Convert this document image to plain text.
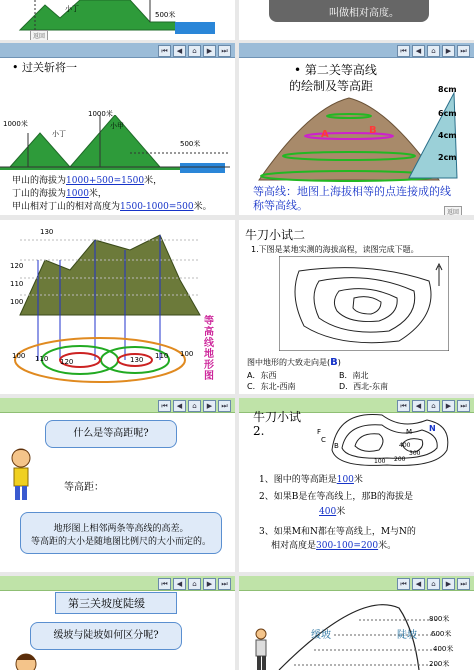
小丁
500米
返回
叫做相对高度。
⏮	◀	⌂	▶	⏭
• 过关斩将一
1000米
1000米
小甲
小丁
500米
甲山的海拔为1000+500=1500米，
丁山的海拔为1000米，
甲山相对丁山的相对高度为1500-1000=500米。
⏮	◀	⌂	▶	⏭
• 第二关等高线
的绘制及等高距	8cm
6cm
4cm
2cm
A	B
等高线：地图上海拔相等的点连接成的线称等高线。
返回
130
120
110
100
100 110 120	130 110 100
等高线地形图
牛刀小试二
1.下图是某地实测的海拔高程，读图完成下题。
图中地形的大致走向是(B)
A．东西	B．南北
C．东北-西南	D．西北-东南
⏮	◀	⌂	▶	⏭
什么是等高距呢?
等高距：
地形图上相邻两条等高线的高差。
等高距的大小是随地图比例尺的大小而定的。
⏮	◀	⌂	▶	⏭
牛刀小试
2.	F
C
B
M N
400
300
200
100
1、图中的等高距是100米
2、如果B是在等高线上，那B的海拔是
400米
3、如果M和N都在等高线上，M与N的
相对高度是300-100=200米。
⏮	◀	⌂	▶	⏭
第三关坡度陡缓
缓坡与陡坡如何区分呢?
⏮	◀	⌂	▶	⏭
800米
600米
400米
200米
缓坡	陡坡
